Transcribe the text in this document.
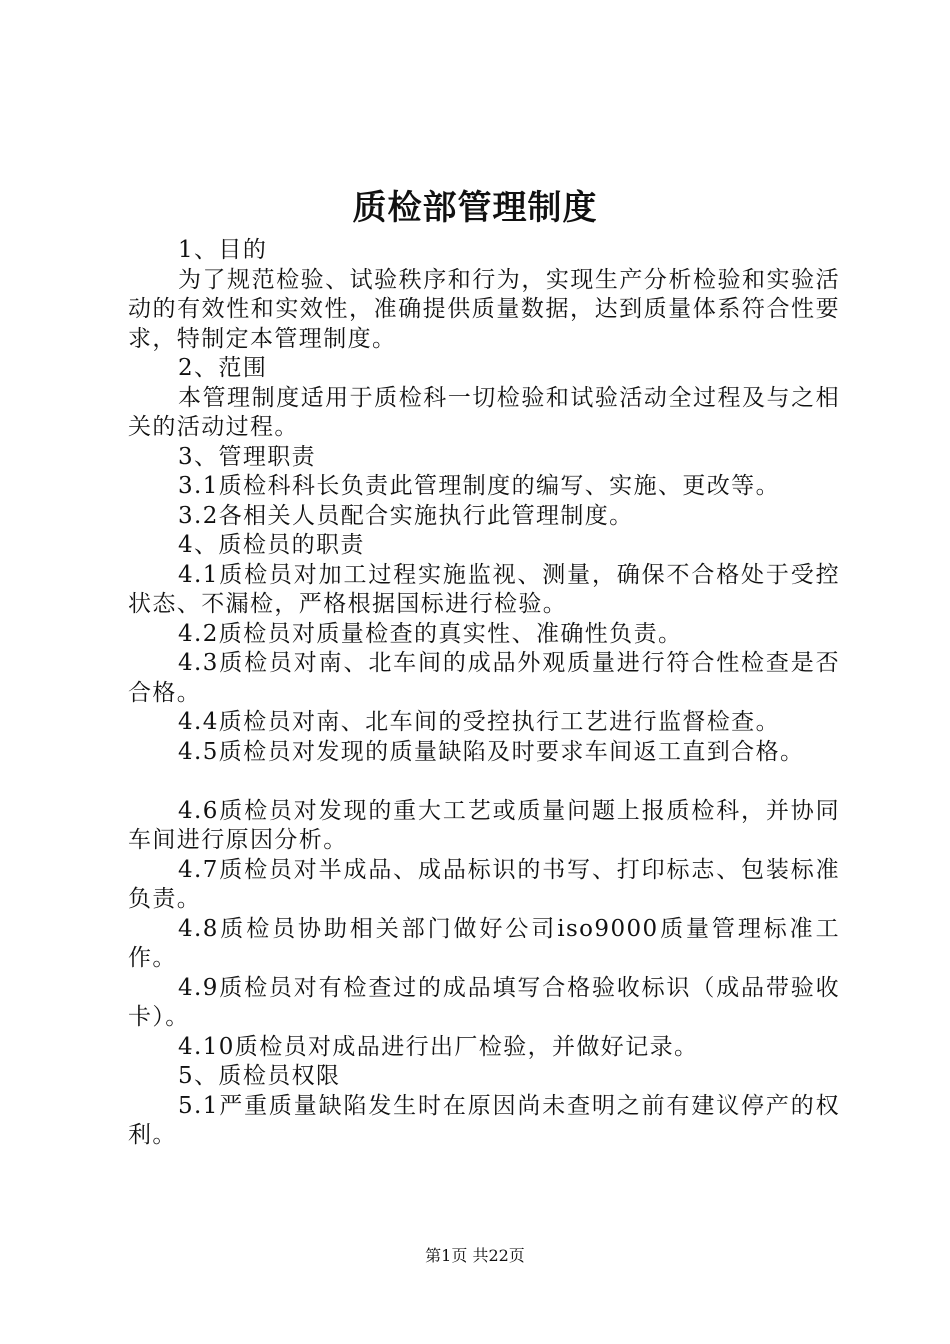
质检部管理制度

1、目的

为了规范检验、试验秩序和行为，实现生产分析检验和实验活动的有效性和实效性，准确提供质量数据，达到质量体系符合性要求，特制定本管理制度。

2、范围

本管理制度适用于质检科一切检验和试验活动全过程及与之相关的活动过程。

3、管理职责

3.1质检科科长负责此管理制度的编写、实施、更改等。

3.2各相关人员配合实施执行此管理制度。

4、质检员的职责

4.1质检员对加工过程实施监视、测量，确保不合格处于受控状态、不漏检，严格根据国标进行检验。

4.2质检员对质量检查的真实性、准确性负责。

4.3质检员对南、北车间的成品外观质量进行符合性检查是否合格。

4.4质检员对南、北车间的受控执行工艺进行监督检查。

4.5质检员对发现的质量缺陷及时要求车间返工直到合格。

4.6质检员对发现的重大工艺或质量问题上报质检科，并协同车间进行原因分析。

4.7质检员对半成品、成品标识的书写、打印标志、包装标准负责。

4.8质检员协助相关部门做好公司iso9000质量管理标准工作。

4.9质检员对有检查过的成品填写合格验收标识（成品带验收卡）。

4.10质检员对成品进行出厂检验，并做好记录。

5、质检员权限

5.1严重质量缺陷发生时在原因尚未查明之前有建议停产的权利。

第1页 共22页
